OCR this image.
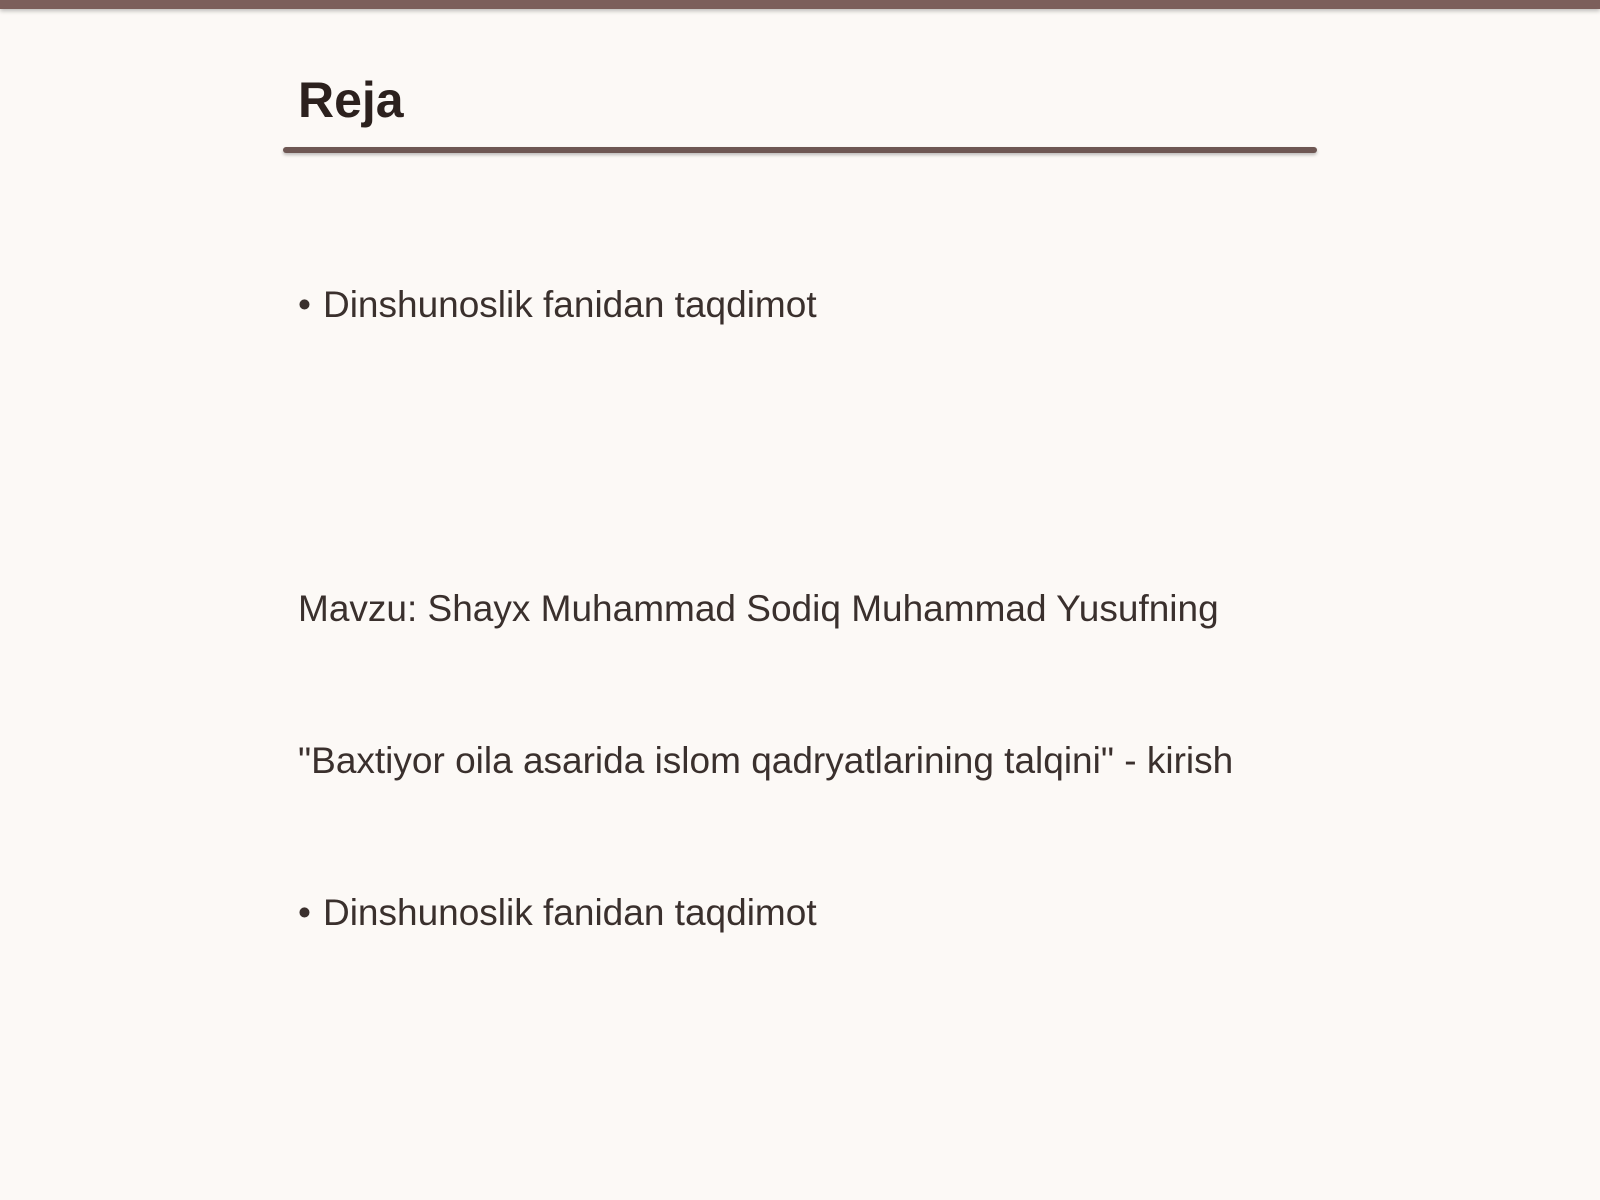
Reja

• Dinshunoslik fanidan taqdimot

Mavzu: Shayx Muhammad Sodiq Muhammad Yusufning

"Baxtiyor oila asarida islom qadryatlarining talqini" - kirish

• Dinshunoslik fanidan taqdimot
